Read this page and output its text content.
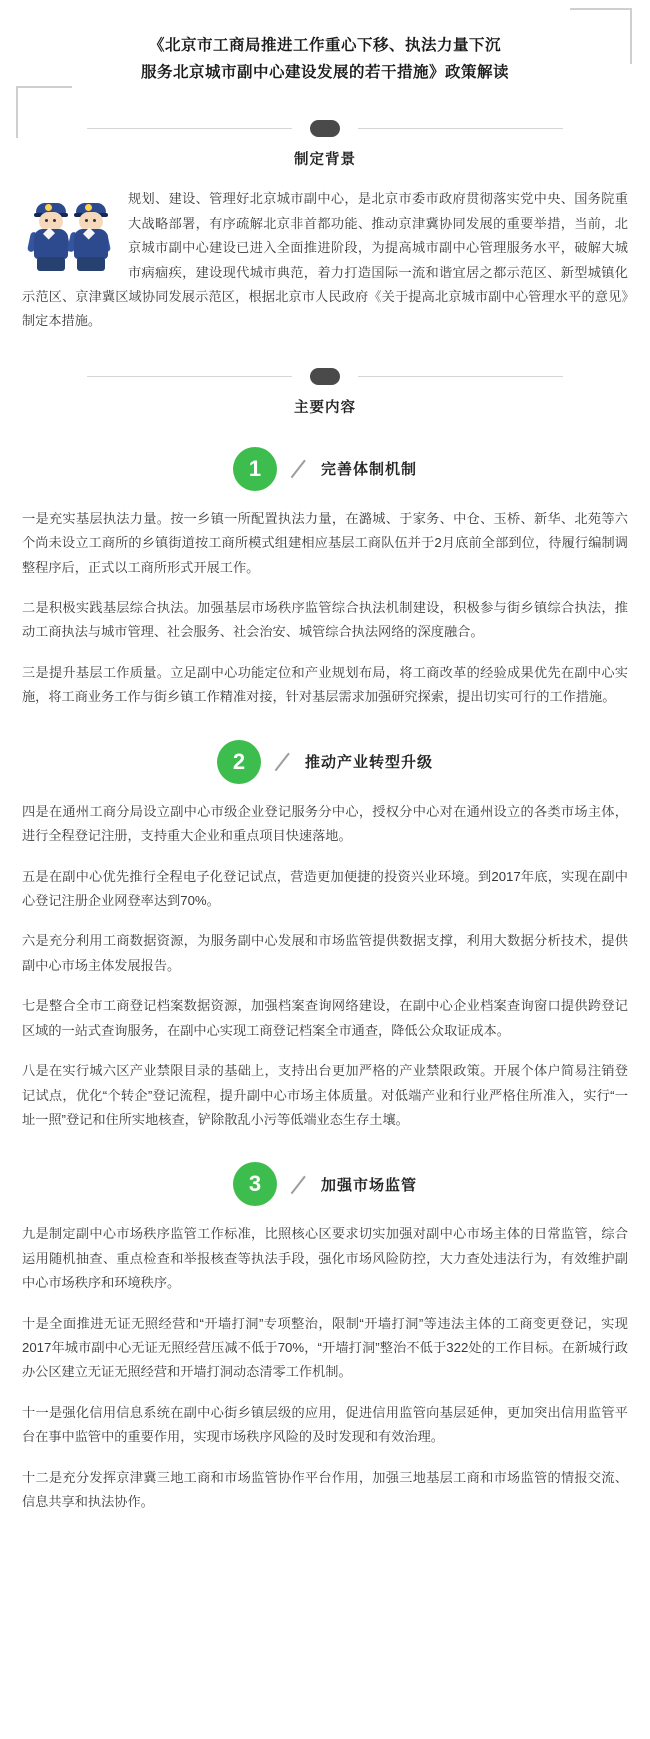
《北京市工商局推进工作重心下移、执法力量下沉
服务北京城市副中心建设发展的若干措施》政策解读
制定背景

规划、建设、管理好北京城市副中心，是北京市委市政府贯彻落实党中央、国务院重大战略部署，有序疏解北京非首都功能、推动京津冀协同发展的重要举措，当前，北京城市副中心建设已进入全面推进阶段，为提高城市副中心管理服务水平，破解大城市病痼疾，建设现代城市典范，着力打造国际一流和谐宜居之都示范区、新型城镇化示范区、京津冀区域协同发展示范区，根据北京市人民政府《关于提高北京城市副中心管理水平的意见》制定本措施。

主要内容
1	完善体制机制

一是充实基层执法力量。按一乡镇一所配置执法力量，在潞城、于家务、中仓、玉桥、新华、北苑等六个尚未设立工商所的乡镇街道按工商所模式组建相应基层工商队伍并于2月底前全部到位，待履行编制调整程序后，正式以工商所形式开展工作。

二是积极实践基层综合执法。加强基层市场秩序监管综合执法机制建设，积极参与街乡镇综合执法，推动工商执法与城市管理、社会服务、社会治安、城管综合执法网络的深度融合。

三是提升基层工作质量。立足副中心功能定位和产业规划布局，将工商改革的经验成果优先在副中心实施，将工商业务工作与街乡镇工作精准对接，针对基层需求加强研究探索，提出切实可行的工作措施。

2	推动产业转型升级

四是在通州工商分局设立副中心市级企业登记服务分中心，授权分中心对在通州设立的各类市场主体，进行全程登记注册，支持重大企业和重点项目快速落地。

五是在副中心优先推行全程电子化登记试点，营造更加便捷的投资兴业环境。到2017年底，实现在副中心登记注册企业网登率达到70%。

六是充分利用工商数据资源，为服务副中心发展和市场监管提供数据支撑，利用大数据分析技术，提供副中心市场主体发展报告。

七是整合全市工商登记档案数据资源，加强档案查询网络建设，在副中心企业档案查询窗口提供跨登记区域的一站式查询服务，在副中心实现工商登记档案全市通查，降低公众取证成本。

八是在实行城六区产业禁限目录的基础上，支持出台更加严格的产业禁限政策。开展个体户简易注销登记试点，优化“个转企”登记流程，提升副中心市场主体质量。对低端产业和行业严格住所准入，实行“一址一照”登记和住所实地核查，铲除散乱小污等低端业态生存土壤。

3	加强市场监管

九是制定副中心市场秩序监管工作标准，比照核心区要求切实加强对副中心市场主体的日常监管，综合运用随机抽查、重点检查和举报核查等执法手段，强化市场风险防控，大力查处违法行为，有效维护副中心市场秩序和环境秩序。

十是全面推进无证无照经营和“开墙打洞”专项整治，限制“开墙打洞”等违法主体的工商变更登记，实现2017年城市副中心无证无照经营压减不低于70%，“开墙打洞”整治不低于322处的工作目标。在新城行政办公区建立无证无照经营和开墙打洞动态清零工作机制。

十一是强化信用信息系统在副中心街乡镇层级的应用，促进信用监管向基层延伸，更加突出信用监管平台在事中监管中的重要作用，实现市场秩序风险的及时发现和有效治理。

十二是充分发挥京津冀三地工商和市场监管协作平台作用，加强三地基层工商和市场监管的情报交流、信息共享和执法协作。
